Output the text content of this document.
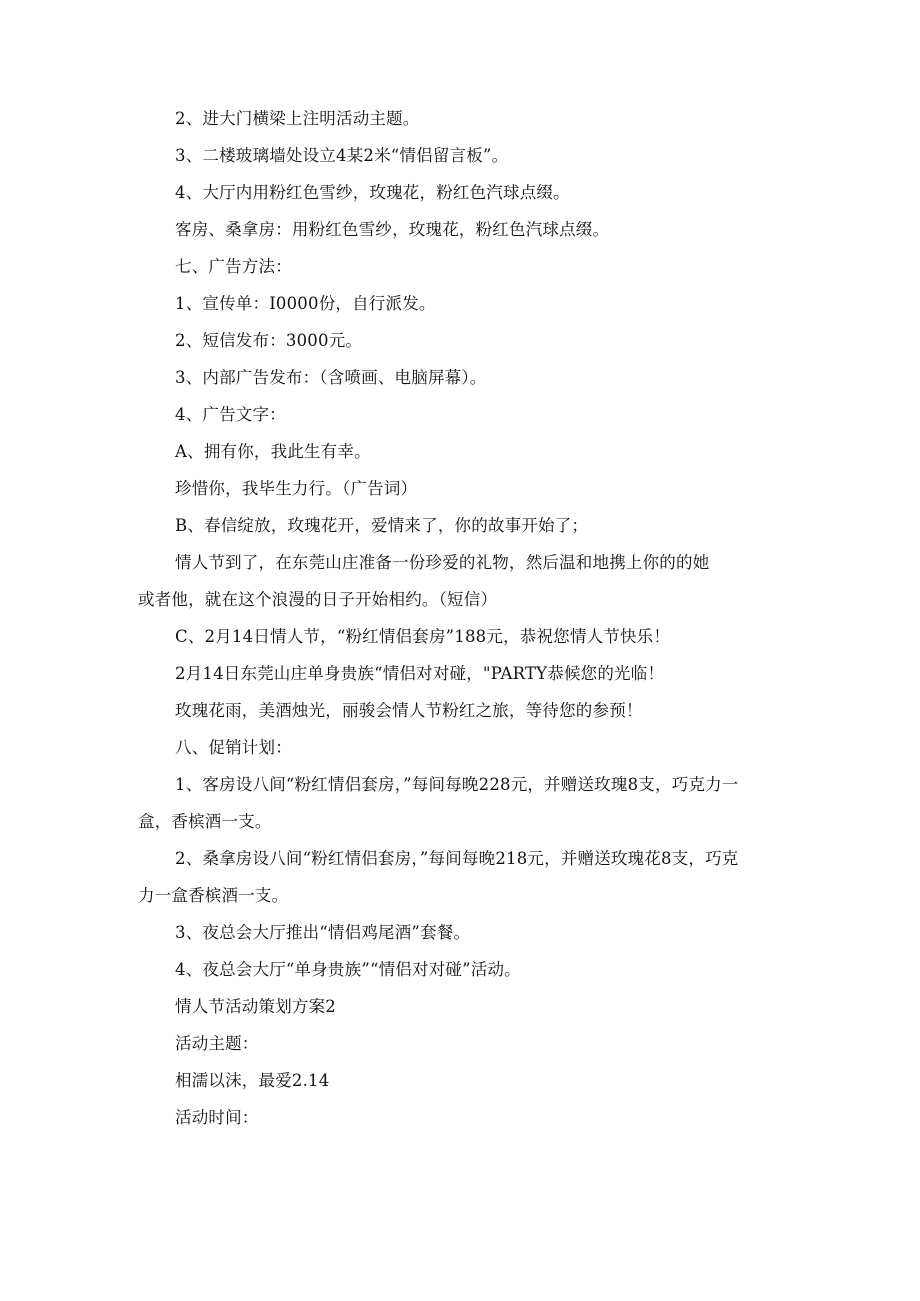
2、进大门横梁上注明活动主题。
3、二楼玻璃墙处设立4某2米“情侣留言板”。
4、大厅内用粉红色雪纱，玫瑰花，粉红色汽球点缀。
客房、桑拿房：用粉红色雪纱，玫瑰花，粉红色汽球点缀。
七、广告方法：
1、宣传单：I0000份，自行派发。
2、短信发布：3000元。
3、内部广告发布：（含喷画、电脑屏幕）。
4、广告文字：
A、拥有你，我此生有幸。
珍惜你，我毕生力行。（广告词）
B、春信绽放，玫瑰花开，爱情来了，你的故事开始了；
情人节到了，在东莞山庄准备一份珍爱的礼物，然后温和地携上你的的她
或者他，就在这个浪漫的日子开始相约。（短信）
C、2月14日情人节，“粉红情侣套房”188元，恭祝您情人节快乐！
2月14日东莞山庄单身贵族“情侣对对碰，"PARTY恭候您的光临！
玫瑰花雨，美酒烛光，丽骏会情人节粉红之旅，等待您的参预！
八、促销计划：
1、客房设八间“粉红情侣套房，”每间每晚228元，并赠送玫瑰8支，巧克力一
盒，香槟酒一支。
2、桑拿房设八间“粉红情侣套房，”每间每晚218元，并赠送玫瑰花8支，巧克
力一盒香槟酒一支。
3、夜总会大厅推出“情侣鸡尾酒”套餐。
4、夜总会大厅“单身贵族”“情侣对对碰”活动。
情人节活动策划方案2
活动主题：
相濡以沫，最爱2.14
活动时间：
